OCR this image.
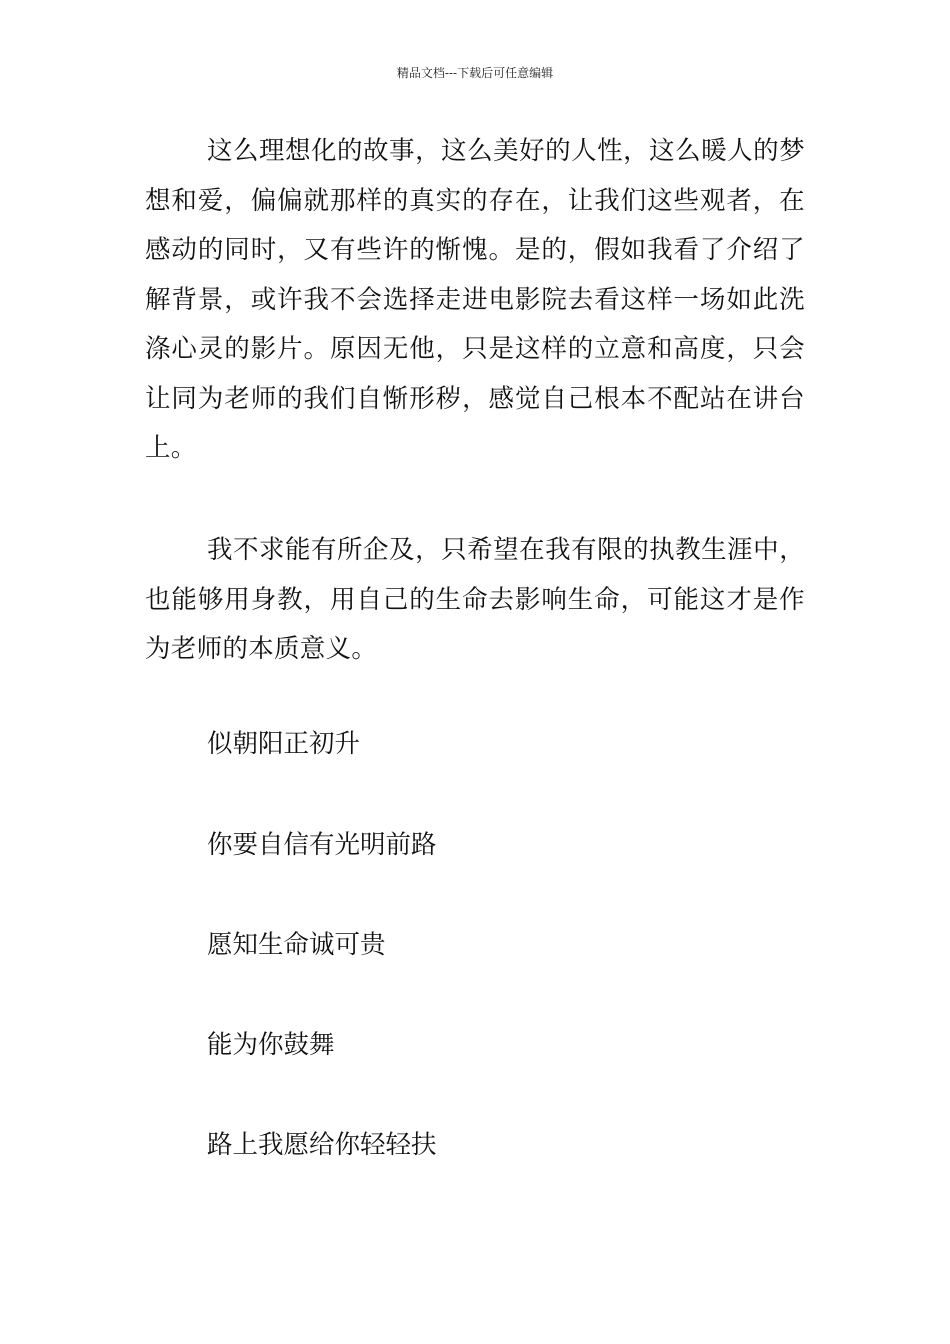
精品文档---下载后可任意编辑

这么理想化的故事，这么美好的人性，这么暖人的梦想和爱，偏偏就那样的真实的存在，让我们这些观者，在感动的同时，又有些许的惭愧。是的，假如我看了介绍了解背景，或许我不会选择走进电影院去看这样一场如此洗涤心灵的影片。原因无他，只是这样的立意和高度，只会让同为老师的我们自惭形秽，感觉自己根本不配站在讲台上。

我不求能有所企及，只希望在我有限的执教生涯中，也能够用身教，用自己的生命去影响生命，可能这才是作为老师的本质意义。

似朝阳正初升

你要自信有光明前路

愿知生命诚可贵

能为你鼓舞

路上我愿给你轻轻扶
